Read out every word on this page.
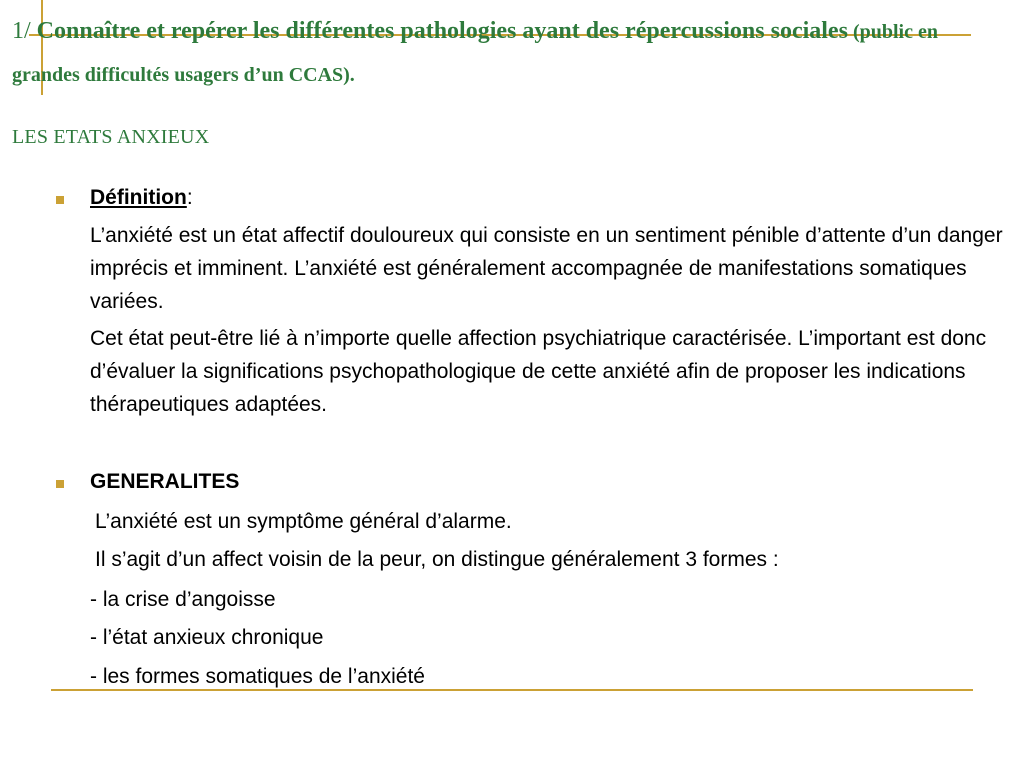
1/ Connaître et repérer les différentes pathologies ayant des répercussions sociales (public en grandes difficultés usagers d’un CCAS).
LES ETATS ANXIEUX
Définition:

L’anxiété est un état affectif douloureux qui consiste en un sentiment pénible d’attente d’un danger imprécis et imminent. L’anxiété est généralement accompagnée de manifestations somatiques variées.

Cet état peut-être lié à n’importe quelle affection psychiatrique caractérisée. L’important est donc d’évaluer la significations psychopathologique de cette anxiété afin de proposer les indications thérapeutiques adaptées.

GENERALITES
L’anxiété est un symptôme général d’alarme.
Il s’agit d’un affect voisin de la peur, on distingue généralement 3 formes :
- la crise d’angoisse
- l’état anxieux chronique
- les formes somatiques de l’anxiété
